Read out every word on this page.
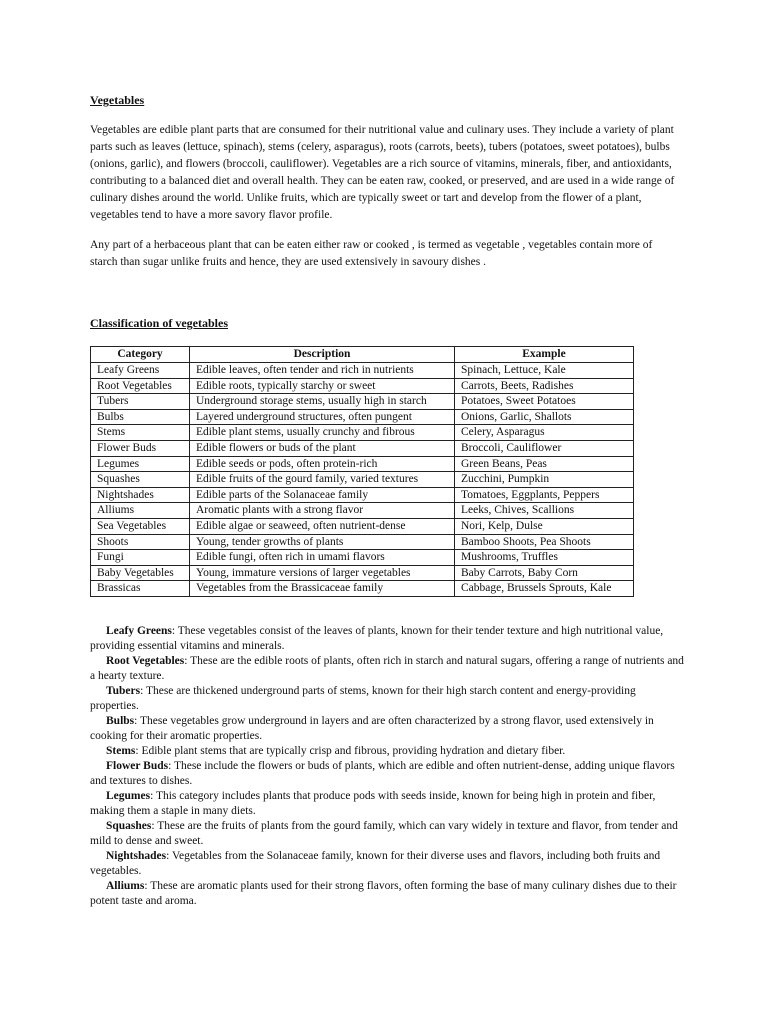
Vegetables

Vegetables are edible plant parts that are consumed for their nutritional value and culinary uses. They include a variety of plant parts such as leaves (lettuce, spinach), stems (celery, asparagus), roots (carrots, beets), tubers (potatoes, sweet potatoes), bulbs (onions, garlic), and flowers (broccoli, cauliflower). Vegetables are a rich source of vitamins, minerals, fiber, and antioxidants, contributing to a balanced diet and overall health. They can be eaten raw, cooked, or preserved, and are used in a wide range of culinary dishes around the world. Unlike fruits, which are typically sweet or tart and develop from the flower of a plant, vegetables tend to have a more savory flavor profile.

Any part of a herbaceous plant that can be eaten either raw or cooked , is termed as vegetable , vegetables contain more of starch than sugar unlike fruits and hence, they are used extensively in savoury dishes .

Classification of vegetables
Category	Description	Example
Leafy Greens	Edible leaves, often tender and rich in nutrients	Spinach, Lettuce, Kale
Root Vegetables	Edible roots, typically starchy or sweet	Carrots, Beets, Radishes
Tubers	Underground storage stems, usually high in starch	Potatoes, Sweet Potatoes
Bulbs	Layered underground structures, often pungent	Onions, Garlic, Shallots
Stems	Edible plant stems, usually crunchy and fibrous	Celery, Asparagus
Flower Buds	Edible flowers or buds of the plant	Broccoli, Cauliflower
Legumes	Edible seeds or pods, often protein-rich	Green Beans, Peas
Squashes	Edible fruits of the gourd family, varied textures	Zucchini, Pumpkin
Nightshades	Edible parts of the Solanaceae family	Tomatoes, Eggplants, Peppers
Alliums	Aromatic plants with a strong flavor	Leeks, Chives, Scallions
Sea Vegetables	Edible algae or seaweed, often nutrient-dense	Nori, Kelp, Dulse
Shoots	Young, tender growths of plants	Bamboo Shoots, Pea Shoots
Fungi	Edible fungi, often rich in umami flavors	Mushrooms, Truffles
Baby Vegetables	Young, immature versions of larger vegetables	Baby Carrots, Baby Corn
Brassicas	Vegetables from the Brassicaceae family	Cabbage, Brussels Sprouts, Kale

Leafy Greens: These vegetables consist of the leaves of plants, known for their tender texture and high nutritional value, providing essential vitamins and minerals.

Root Vegetables: These are the edible roots of plants, often rich in starch and natural sugars, offering a range of nutrients and a hearty texture.

Tubers: These are thickened underground parts of stems, known for their high starch content and energy-providing properties.

Bulbs: These vegetables grow underground in layers and are often characterized by a strong flavor, used extensively in cooking for their aromatic properties.

Stems: Edible plant stems that are typically crisp and fibrous, providing hydration and dietary fiber.

Flower Buds: These include the flowers or buds of plants, which are edible and often nutrient-dense, adding unique flavors and textures to dishes.

Legumes: This category includes plants that produce pods with seeds inside, known for being high in protein and fiber, making them a staple in many diets.

Squashes: These are the fruits of plants from the gourd family, which can vary widely in texture and flavor, from tender and mild to dense and sweet.

Nightshades: Vegetables from the Solanaceae family, known for their diverse uses and flavors, including both fruits and vegetables.

Alliums: These are aromatic plants used for their strong flavors, often forming the base of many culinary dishes due to their potent taste and aroma.
